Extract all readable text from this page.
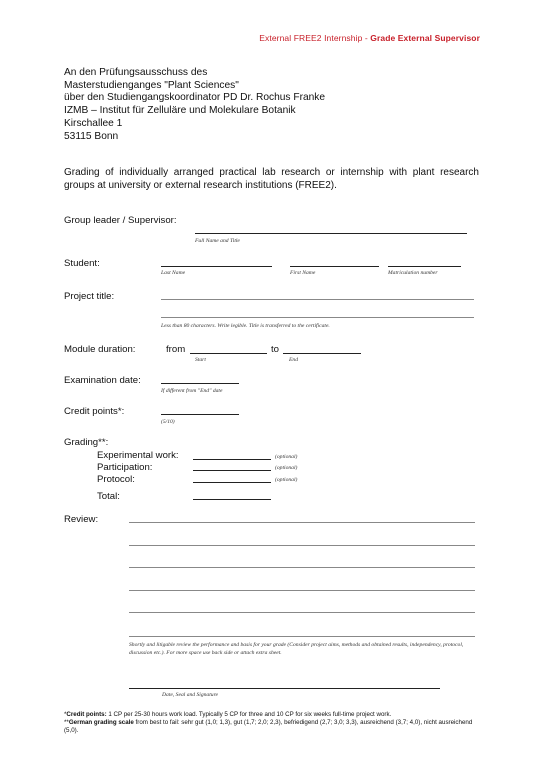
External FREE2 Internship - Grade External Supervisor
An den Prüfungsausschuss des
Masterstudienganges "Plant Sciences"
über den Studiengangskoordinator PD Dr. Rochus Franke
IZMB – Institut für Zelluläre und Molekulare Botanik
Kirschallee 1
53115 Bonn
Grading of individually arranged practical lab research or internship with plant research groups at university or external research institutions (FREE2).
Group leader / Supervisor:
Full Name and Title
Student:
Last Name	First Name	Matriculation number
Project title:
Less than 80 characters. Write legible. Title is transferred to the certificate.
Module duration:	from	to
Start	End
Examination date:
If different from "End" date
Credit points*:
(5/10)
Grading**:
Experimental work:	(optional)
Participation:	(optional)
Protocol:	(optional)
Total:
Review:
Shortly and litigable review the performance and basis for your grade (Consider project aims, methods and obtained results, independency, protocol, discussion etc.). For more space use back side or attach extra sheet.
Date, Seal and Signature
*Credit points: 1 CP per 25-30 hours work load. Typically 5 CP for three and 10 CP for six weeks full-time project work.
**German grading scale from best to fail: sehr gut (1,0; 1,3), gut (1,7; 2,0; 2,3), befriedigend (2,7; 3,0; 3,3), ausreichend (3,7; 4,0), nicht ausreichend (5,0).
